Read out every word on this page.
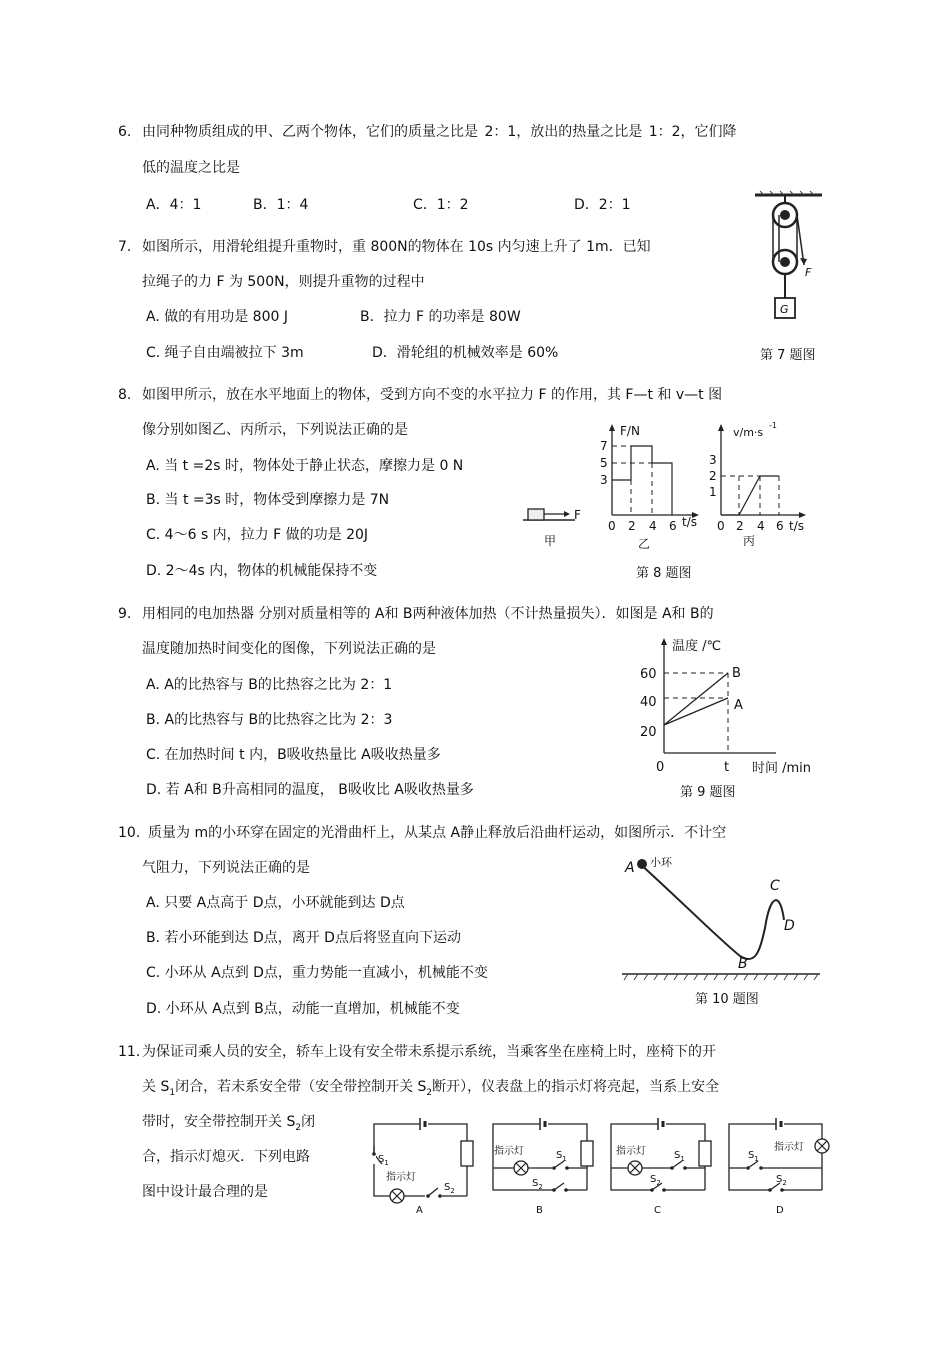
6. 由同种物质组成的甲、乙两个物体，它们的质量之比是 2：1，放出的热量之比是 1：2，它们降
低的温度之比是
A．4：1	B．1：4	C．1：2	D．2：1
7. 如图所示，用滑轮组提升重物时，重 800N的物体在 10s 内匀速上升了 1m．已知
拉绳子的力 F 为 500N，则提升重物的过程中
A. 做的有用功是 800 J	B．拉力 F 的功率是 80W
C. 绳子自由端被拉下 3m	D．滑轮组的机械效率是 60%
F
G
第 7 题图
8. 如图甲所示，放在水平地面上的物体，受到方向不变的水平拉力 F 的作用，其 F—t 和 v—t 图
像分别如图乙、丙所示，下列说法正确的是
A. 当 t =2s 时，物体处于静止状态，摩擦力是 0 N
B. 当 t =3s 时，物体受到摩擦力是 7N
C. 4～6 s 内，拉力 F 做的功是 20J
D. 2～4s 内，物体的机械能保持不变
F
甲
F/N
7
5
3
0 2 4 6 t/s
乙
v/m·s
-1
3
2
1
0 2 4 6 t/s
丙
第 8 题图
9. 用相同的电加热器 分别对质量相等的 A和 B两种液体加热（不计热量损失）．如图是 A和 B的
温度随加热时间变化的图像，下列说法正确的是
A. A的比热容与 B的比热容之比为 2：1
B. A的比热容与 B的比热容之比为 2：3
C. 在加热时间 t 内，B吸收热量比 A吸收热量多
D. 若 A和 B升高相同的温度， B吸收比 A吸收热量多
温度 /℃
60
40
20
B
A
0	t 时间 /min
第 9 题图
10. 质量为 m的小环穿在固定的光滑曲杆上，从某点 A静止释放后沿曲杆运动，如图所示．不计空
气阻力，下列说法正确的是
A. 只要 A点高于 D点，小环就能到达 D点
B. 若小环能到达 D点，离开 D点后将竖直向下运动
C. 小环从 A点到 D点，重力势能一直减小，机械能不变
D. 小环从 A点到 B点，动能一直增加，机械能不变
A 小环
B
C
D
第 10 题图
11. 为保证司乘人员的安全，轿车上设有安全带未系提示系统，当乘客坐在座椅上时，座椅下的开
关 $S_1$闭合，若未系安全带（安全带控制开关 $S_2$断开），仪表盘上的指示灯将亮起，当系上安全
带时，安全带控制开关 $S_2$闭
合，指示灯熄灭．下列电路
图中设计最合理的是
$S_1$
指示灯
$S_2$
A
指示灯	$S_1$
$S_2$
B
指示灯	$S_1$
$S_2$
C
指示灯
$S_1$
$S_2$
D
